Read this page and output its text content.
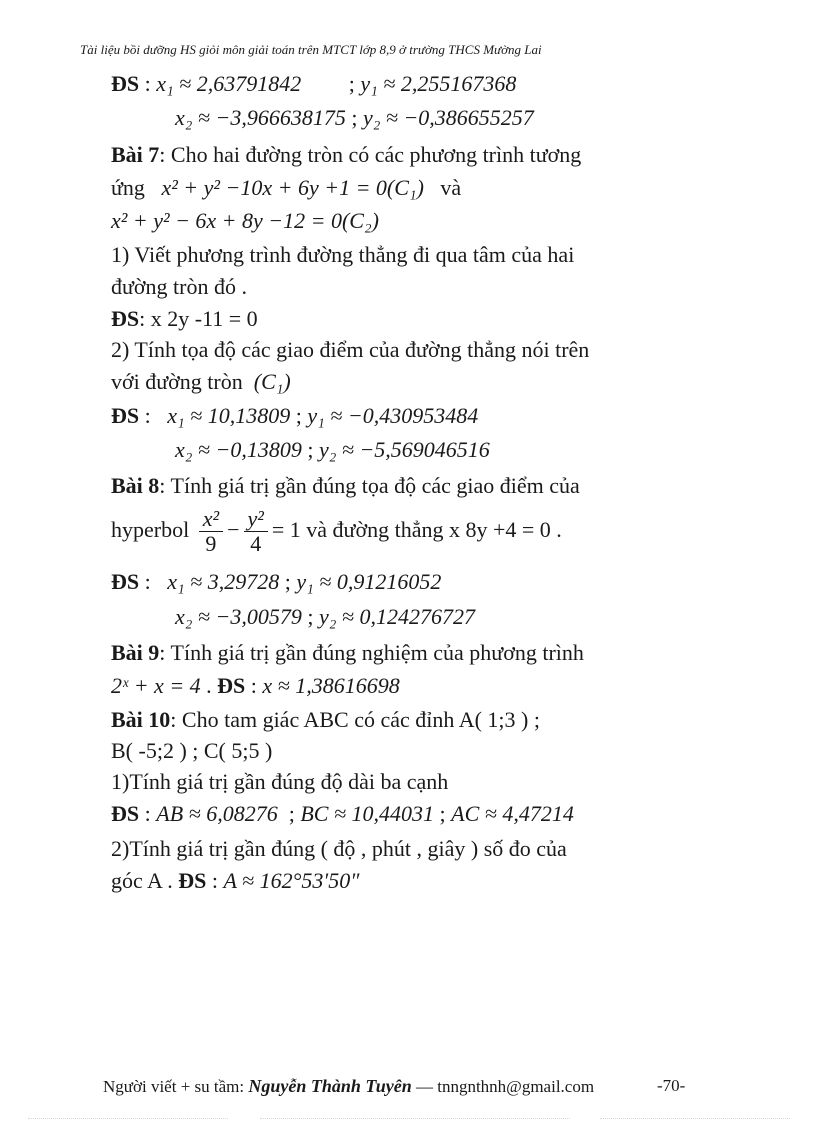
Tài liệu bồi dưỡng HS giỏi môn giải toán trên MTCT lớp 8,9 ở trường THCS Mường Lai
ĐS : x₁ ≈ 2,63791842 ; y₁ ≈ 2,255167368
x₂ ≈ −3,966638175 ; y₂ ≈ −0,386655257
Bài 7: Cho hai đường tròn có các phương trình tương
ứng x² + y² −10x + 6y +1 = 0(C₁) và
x² + y² − 6x + 8y −12 = 0(C₂)
1) Viết phương trình đường thẳng đi qua tâm của hai
đường tròn đó .
ĐS: x 2y -11 = 0
2) Tính tọa độ các giao điểm của đường thẳng nói trên
với đường tròn (C₁)
ĐS :   x₁ ≈ 10,13809 ; y₁ ≈ −0,430953484
x₂ ≈ −0,13809 ; y₂ ≈ −5,569046516
Bài 8: Tính giá trị gần đúng tọa độ các giao điểm của
hyperbol $\frac{\text{x²}}{9} - \frac{\text{y²}}{4} = 1$ và đường thẳng x 8y +4 = 0 .
ĐS :   x₁ ≈ 3,29728 ; y₁ ≈ 0,91216052
x₂ ≈ −3,00579 ; y₂ ≈ 0,124276727
Bài 9: Tính giá trị gần đúng nghiệm của phương trình
2ˣ + x = 4 . ĐS : x ≈ 1,38616698
Bài 10: Cho tam giác ABC có các đỉnh A( 1;3 ) ;
B( -5;2 ) ; C( 5;5 )
1)Tính giá trị gần đúng độ dài ba cạnh
ĐS : AB ≈ 6,08276  ; BC ≈ 10,44031 ; AC ≈ 4,47214
2)Tính giá trị gần đúng ( độ , phút , giây ) số đo của
góc A . ĐS : A ≈ 162°53′50″
Người viết + su tầm: Nguyễn Thành Tuyên — tnngnthnh@gmail.com	-70-
